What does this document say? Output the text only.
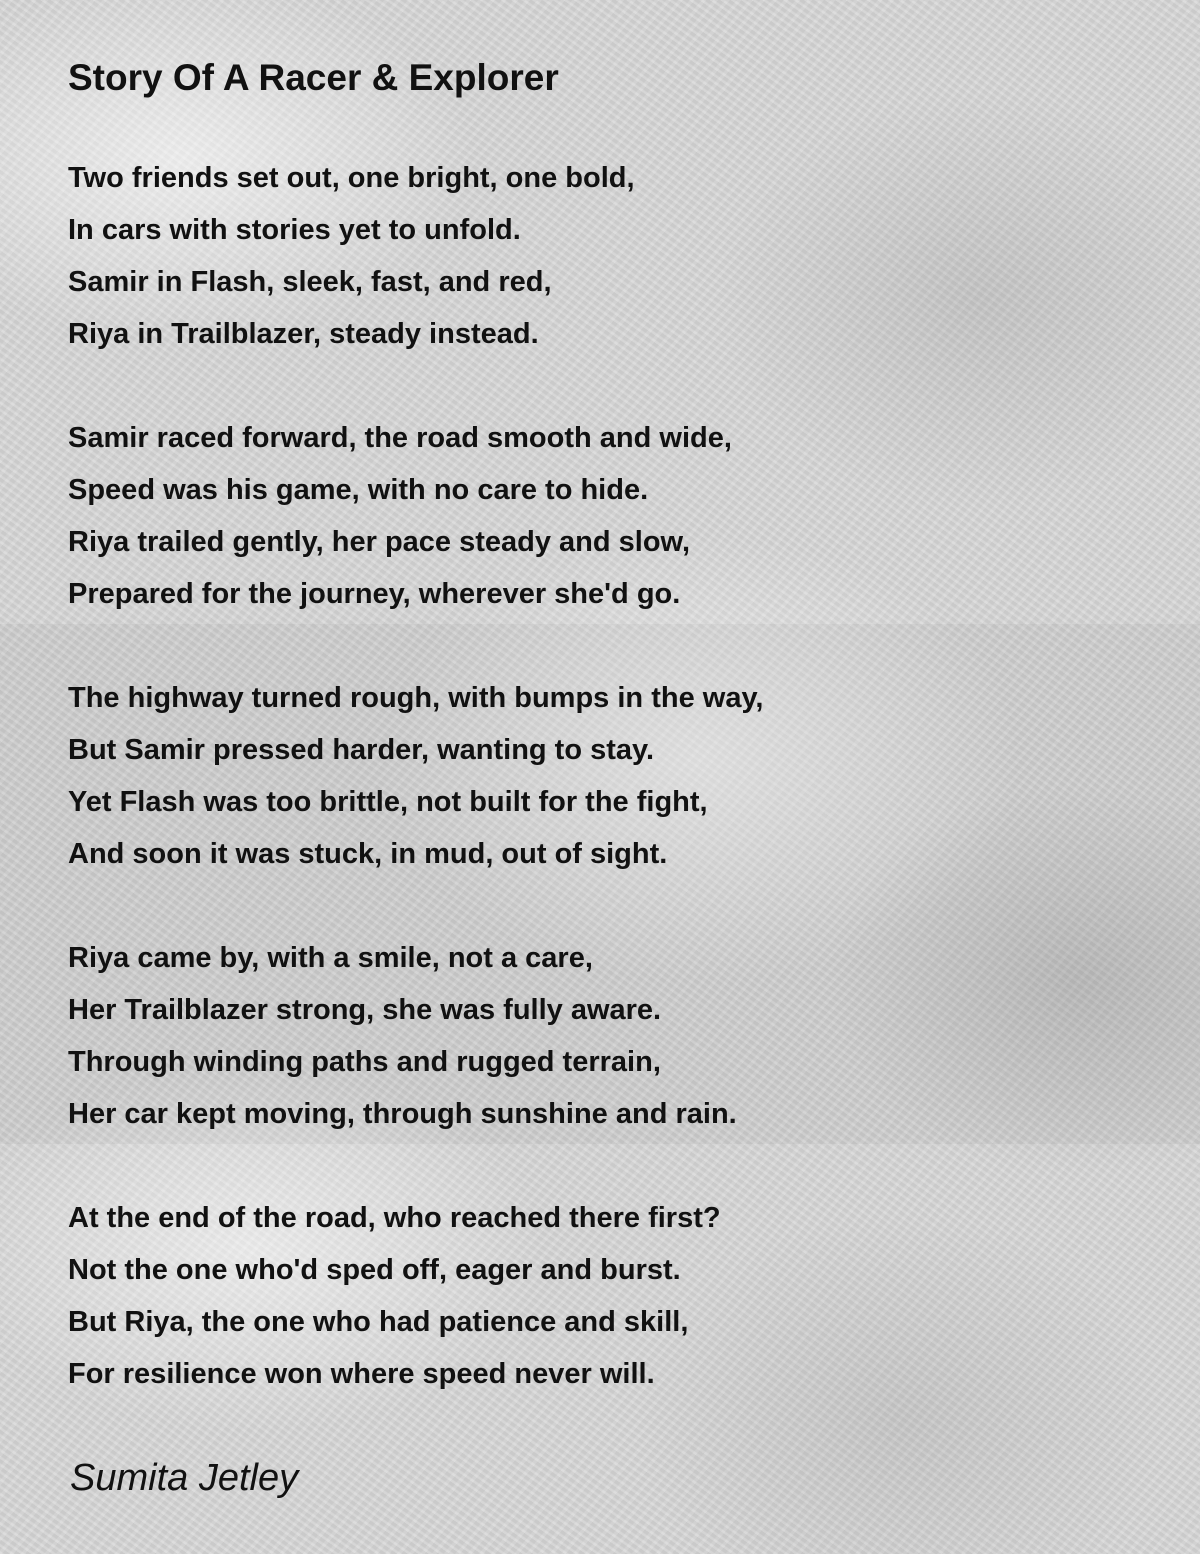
Story Of A Racer & Explorer
Two friends set out, one bright, one bold,
In cars with stories yet to unfold.
Samir in Flash, sleek, fast, and red,
Riya in Trailblazer, steady instead.
Samir raced forward, the road smooth and wide,
Speed was his game, with no care to hide.
Riya trailed gently, her pace steady and slow,
Prepared for the journey, wherever she'd go.
The highway turned rough, with bumps in the way,
But Samir pressed harder, wanting to stay.
Yet Flash was too brittle, not built for the fight,
And soon it was stuck, in mud, out of sight.
Riya came by, with a smile, not a care,
Her Trailblazer strong, she was fully aware.
Through winding paths and rugged terrain,
Her car kept moving, through sunshine and rain.
At the end of the road, who reached there first?
Not the one who'd sped off, eager and burst.
But Riya, the one who had patience and skill,
For resilience won where speed never will.
Sumita Jetley
